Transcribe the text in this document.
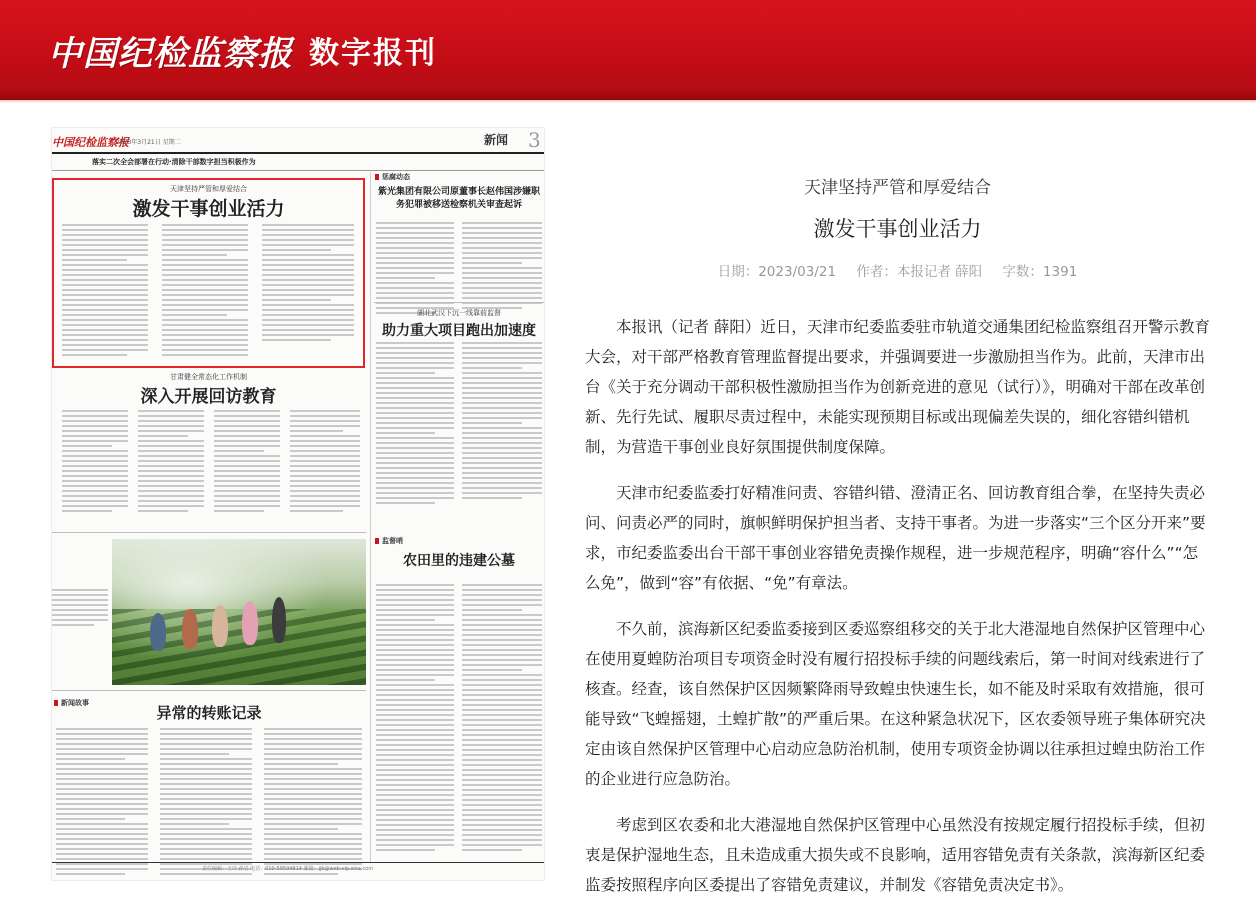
中国纪检监察报 数字报刊
中国纪检监察报
2023年3月21日 星期二	新闻 3
落实二次全会部署在行动·清除干部数字担当积极作为
天津坚持严管和厚爱结合
激发干事创业活力
惩腐动态
紫光集团有限公司原董事长赵伟国涉嫌职务犯罪被移送检察机关审查起诉
湖北武汉下沉一线靠前监督
助力重大项目跑出加速度
甘肃健全常态化工作机制
深入开展回访教育
监督哨
农田里的违建公墓
新闻故事
异常的转账记录
责任编辑：王玲 孙岩 电话：010-59594814 邮箱：jjb@web-vip.sina.com
天津坚持严管和厚爱结合
激发干事创业活力
日期：2023/03/21 作者：本报记者 薛阳 字数：1391

本报讯（记者 薛阳）近日，天津市纪委监委驻市轨道交通集团纪检监察组召开警示教育大会，对干部严格教育管理监督提出要求，并强调要进一步激励担当作为。此前，天津市出台《关于充分调动干部积极性激励担当作为创新竞进的意见（试行）》，明确对干部在改革创新、先行先试、履职尽责过程中，未能实现预期目标或出现偏差失误的，细化容错纠错机制，为营造干事创业良好氛围提供制度保障。

天津市纪委监委打好精准问责、容错纠错、澄清正名、回访教育组合拳，在坚持失责必问、问责必严的同时，旗帜鲜明保护担当者、支持干事者。为进一步落实“三个区分开来”要求，市纪委监委出台干部干事创业容错免责操作规程，进一步规范程序，明确“容什么”“怎么免”，做到“容”有依据、“免”有章法。

不久前，滨海新区纪委监委接到区委巡察组移交的关于北大港湿地自然保护区管理中心在使用夏蝗防治项目专项资金时没有履行招投标手续的问题线索后，第一时间对线索进行了核查。经查，该自然保护区因频繁降雨导致蝗虫快速生长，如不能及时采取有效措施，很可能导致“飞蝗摇翅，土蝗扩散”的严重后果。在这种紧急状况下，区农委领导班子集体研究决定由该自然保护区管理中心启动应急防治机制，使用专项资金协调以往承担过蝗虫防治工作的企业进行应急防治。

考虑到区农委和北大港湿地自然保护区管理中心虽然没有按规定履行招投标手续，但初衷是保护湿地生态，且未造成重大损失或不良影响，适用容错免责有关条款，滨海新区纪委监委按照程序向区委提出了容错免责建议，并制发《容错免责决定书》。
